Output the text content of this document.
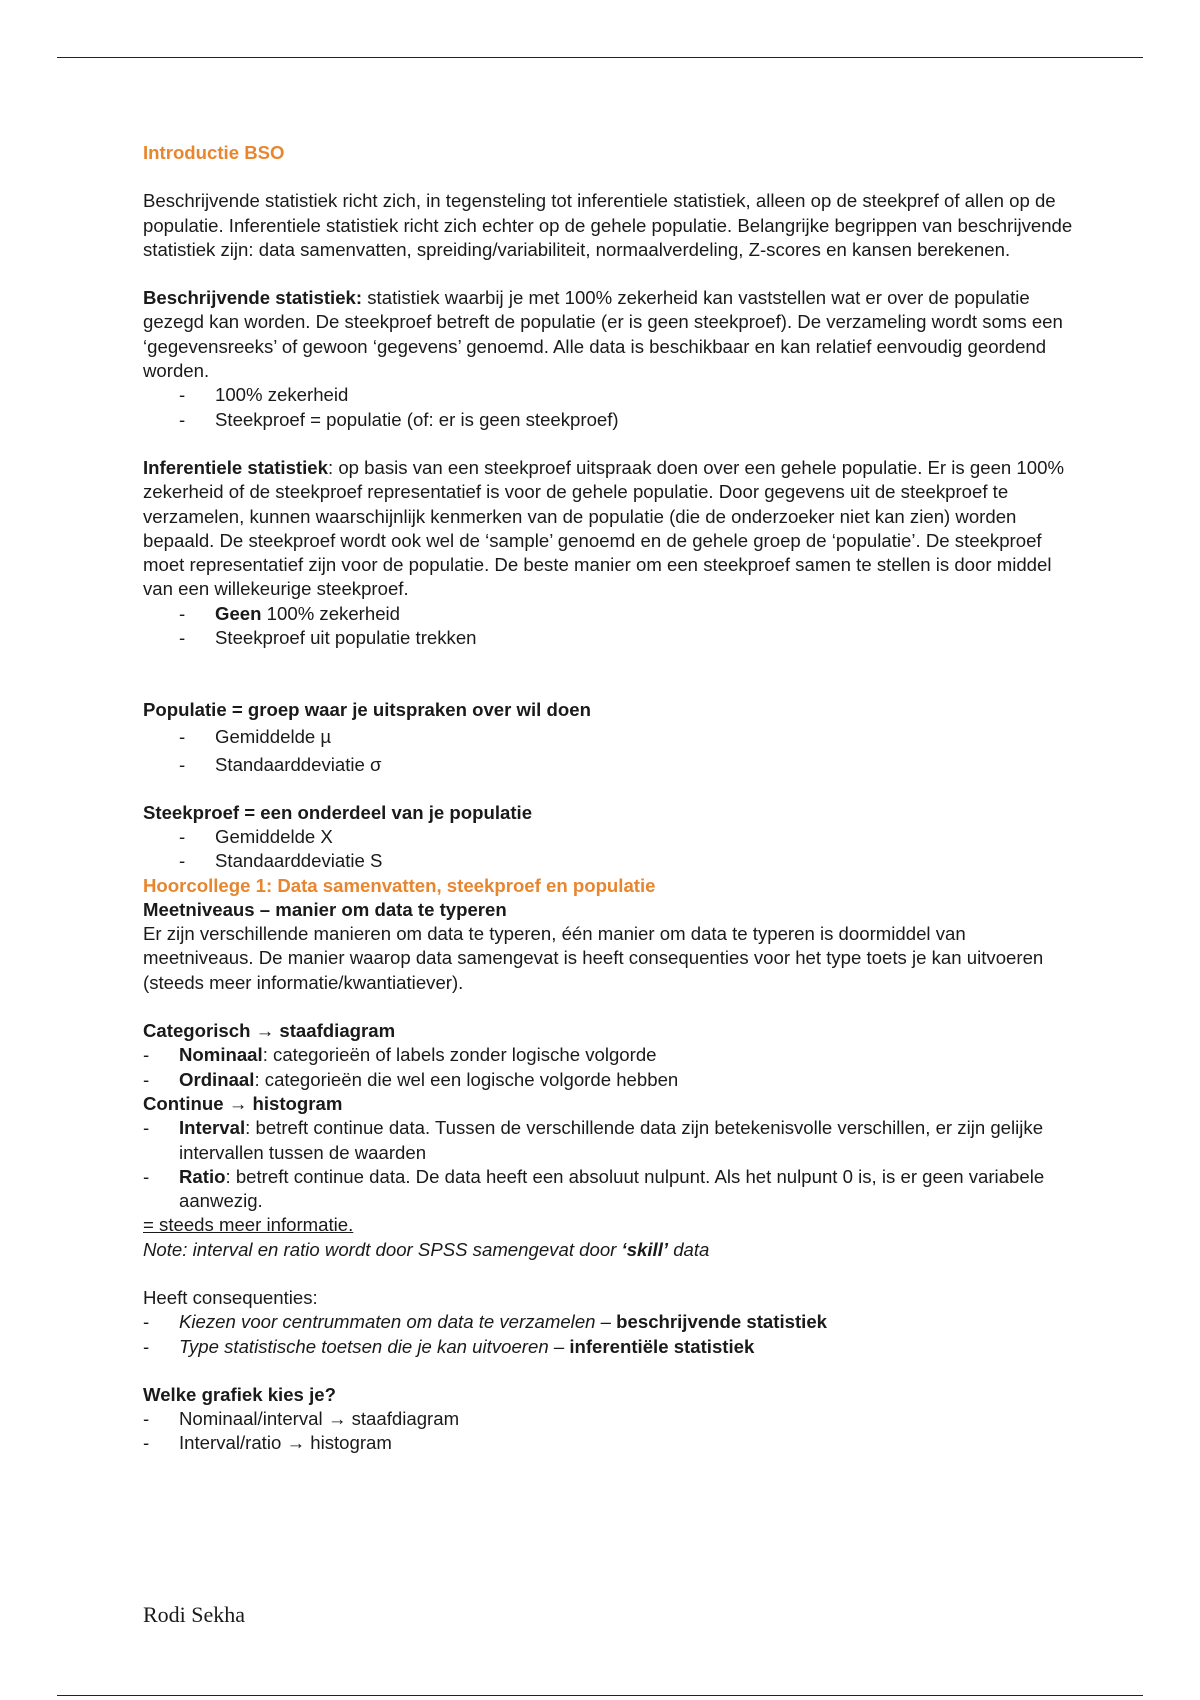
Introductie BSO

Beschrijvende statistiek richt zich, in tegensteling tot inferentiele statistiek, alleen op de steekpref of allen op de populatie. Inferentiele statistiek richt zich echter op de gehele populatie. Belangrijke begrippen van beschrijvende statistiek zijn: data samenvatten, spreiding/variabiliteit, normaalverdeling, Z-scores en kansen berekenen.

Beschrijvende statistiek: statistiek waarbij je met 100% zekerheid kan vaststellen wat er over de populatie gezegd kan worden. De steekproef betreft de populatie (er is geen steekproef). De verzameling wordt soms een ‘gegevensreeks’ of gewoon ‘gegevens’ genoemd. Alle data is beschikbaar en kan relatief eenvoudig geordend worden.

- 100% zekerheid
- Steekproef = populatie (of: er is geen steekproef)

Inferentiele statistiek: op basis van een steekproef uitspraak doen over een gehele populatie. Er is geen 100% zekerheid of de steekproef representatief is voor de gehele populatie. Door gegevens uit de steekproef te verzamelen, kunnen waarschijnlijk kenmerken van de populatie (die de onderzoeker niet kan zien) worden bepaald. De steekproef wordt ook wel de ‘sample’ genoemd en de gehele groep de ‘populatie’. De steekproef moet representatief zijn voor de populatie. De beste manier om een steekproef samen te stellen is door middel van een willekeurige steekproef.

- Geen 100% zekerheid
- Steekproef uit populatie trekken

Populatie = groep waar je uitspraken over wil doen

- Gemiddelde µ
- Standaarddeviatie σ

Steekproef = een onderdeel van je populatie

- Gemiddelde X
- Standaarddeviatie S

Hoorcollege 1: Data samenvatten, steekproef en populatie

Meetniveaus – manier om data te typeren

Er zijn verschillende manieren om data te typeren, één manier om data te typeren is doormiddel van meetniveaus. De manier waarop data samengevat is heeft consequenties voor het type toets je kan uitvoeren (steeds meer informatie/kwantiatiever).

Categorisch → staafdiagram

- Nominaal: categorieën of labels zonder logische volgorde
- Ordinaal: categorieën die wel een logische volgorde hebben

Continue → histogram

- Interval: betreft continue data. Tussen de verschillende data zijn betekenisvolle verschillen, er zijn gelijke intervallen tussen de waarden
- Ratio: betreft continue data. De data heeft een absoluut nulpunt. Als het nulpunt 0 is, is er geen variabele aanwezig.

= steeds meer informatie.

Note: interval en ratio wordt door SPSS samengevat door ‘skill’ data

Heeft consequenties:

- Kiezen voor centrummaten om data te verzamelen – beschrijvende statistiek
- Type statistische toetsen die je kan uitvoeren – inferentiële statistiek

Welke grafiek kies je?

- Nominaal/interval → staafdiagram
- Interval/ratio → histogram
Rodi Sekha
